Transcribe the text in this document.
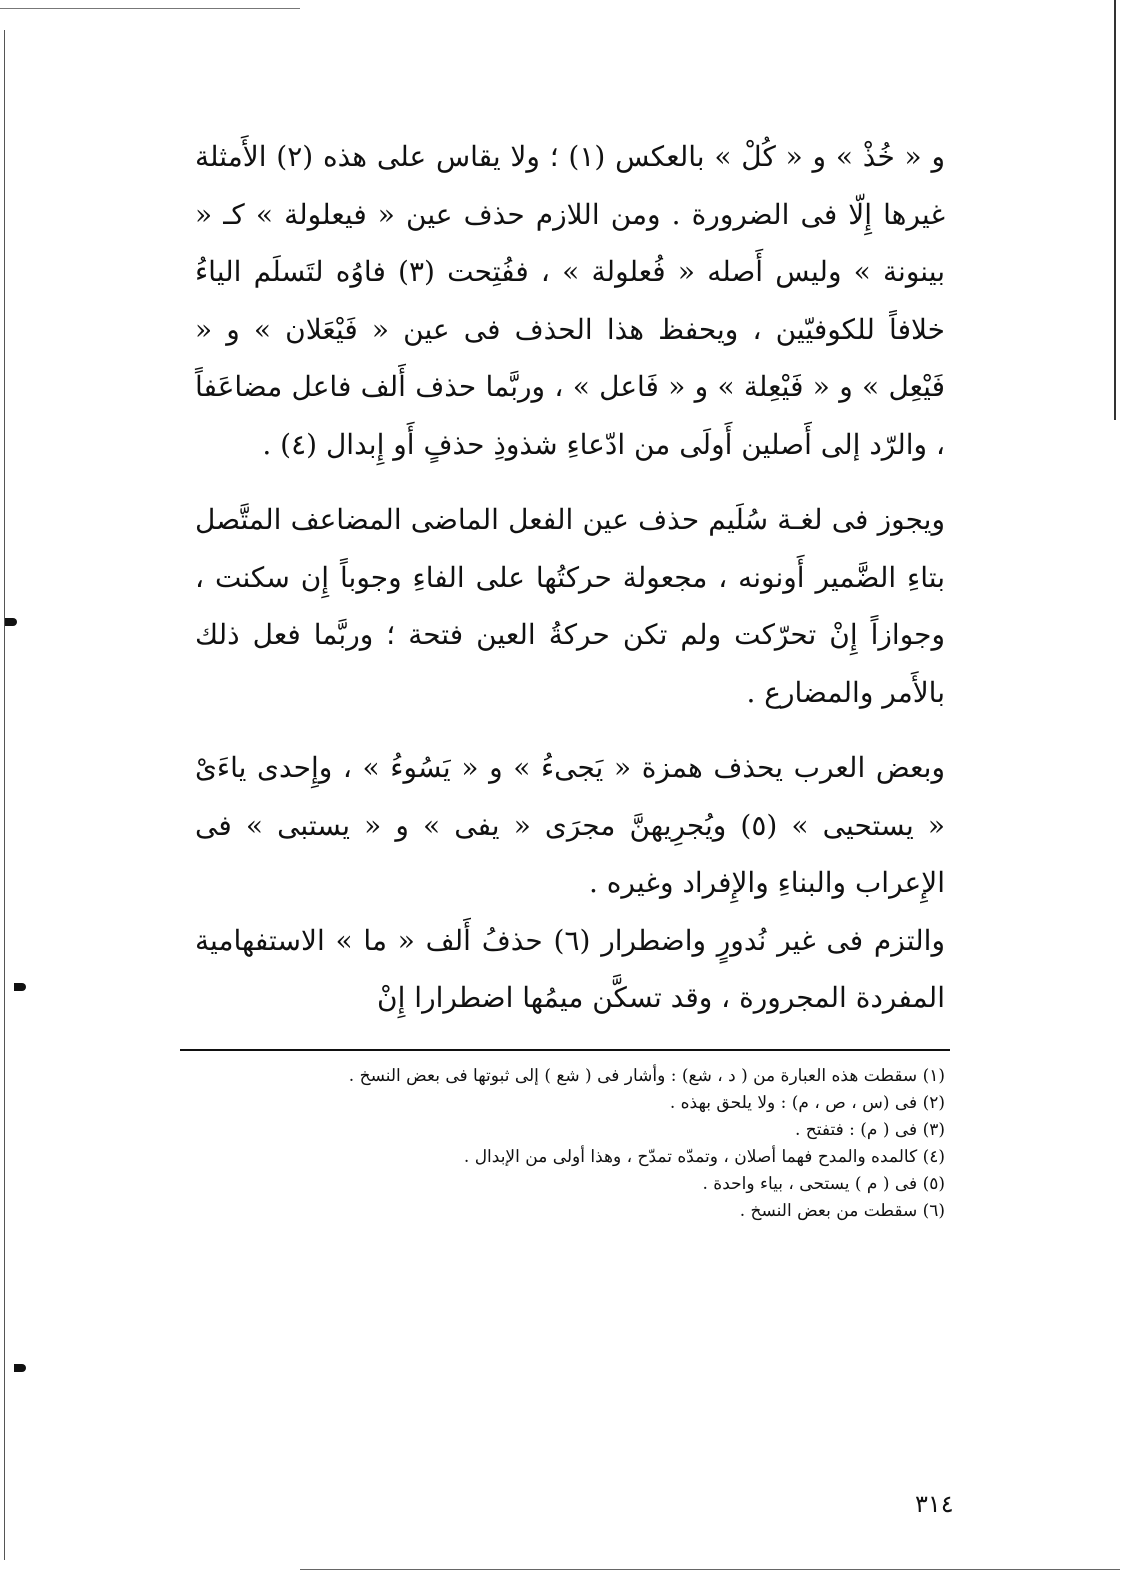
و « خُذْ » و « كُلْ » بالعكس (١) ؛ ولا يقاس على هذه (٢) الأَمثلة غيرها إِلّا فى الضرورة . ومن اللازم حذف عين « فيعلولة » كـ « بينونة » وليس أَصله « فُعلولة » ، ففُتِحت (٣) فاوُه لتَسلَم الياءُ خلافاً للكوفيّين ، ويحفظ هذا الحذف فى عين « فَيْعَلان » و « فَيْعِل » و « فَيْعِلة » و « فَاعل » ، وربَّما حذف أَلف فاعل مضاعَفاً ، والرّد إلى أَصلين أَولَى من ادّعاءِ شذوذِ حذفٍ أَو إِبدال (٤) .

ويجوز فى لغـة سُلَيم حذف عين الفعل الماضى المضاعف المتَّصل بتاءِ الضَّمير أَونونه ، مجعولة حركتُها على الفاءِ وجوباً إِن سكنت ، وجوازاً إِنْ تحرّكت ولم تكن حركةُ العين فتحة ؛ وربَّما فعل ذلك بالأَمر والمضارع .

وبعض العرب يحذف همزة « يَجىءُ » و « يَسُوءُ » ، وإِحدى ياءَىْ « يستحيى » (٥) ويُجرِيهنَّ مجرَى « يفى » و « يستبى » فى الإِعراب والبناءِ والإِفراد وغيره .

والتزم فى غير نُدورٍ واضطرار (٦) حذفُ أَلف « ما » الاستفهامية المفردة المجرورة ، وقد تسكَّن ميمُها اضطرارا إِنْ

(١) سقطت هذه العبارة من ( د ، شع) : وأشار فى ( شع ) إلى ثبوتها فى بعض النسخ .
(٢) فى (س ، ص ، م) : ولا يلحق بهذه .
(٣) فى ( م) : فتفتح .
(٤) كالمده والمدح فهما أصلان ، وتمدّه تمدّح ، وهذا أولى من الإبدال .
(٥) فى ( م ) يستحى ، بياء واحدة .
(٦) سقطت من بعض النسخ .
٣١٤
